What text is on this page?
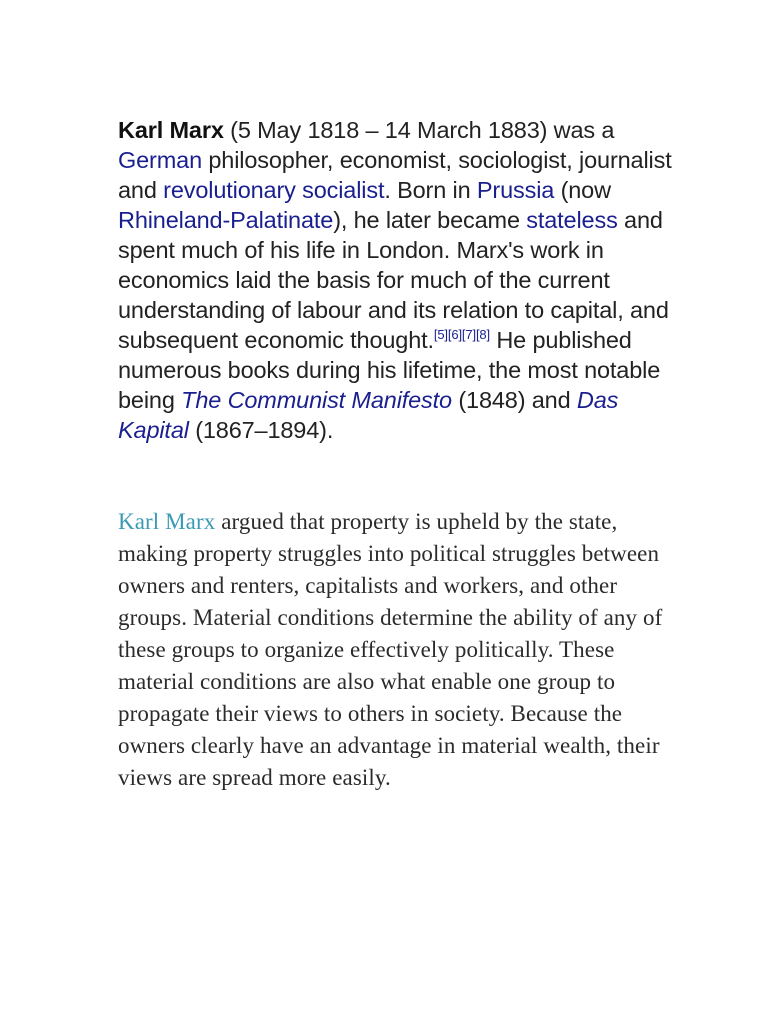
Karl Marx (5 May 1818 – 14 March 1883) was a German philosopher, economist, sociologist, journalist and revolutionary socialist. Born in Prussia (now Rhineland-Palatinate), he later became stateless and spent much of his life in London. Marx's work in economics laid the basis for much of the current understanding of labour and its relation to capital, and subsequent economic thought.[5][6][7][8] He published numerous books during his lifetime, the most notable being The Communist Manifesto (1848) and Das Kapital (1867–1894).

Karl Marx argued that property is upheld by the state, making property struggles into political struggles between owners and renters, capitalists and workers, and other groups. Material conditions determine the ability of any of these groups to organize effectively politically. These material conditions are also what enable one group to propagate their views to others in society. Because the owners clearly have an advantage in material wealth, their views are spread more easily.
